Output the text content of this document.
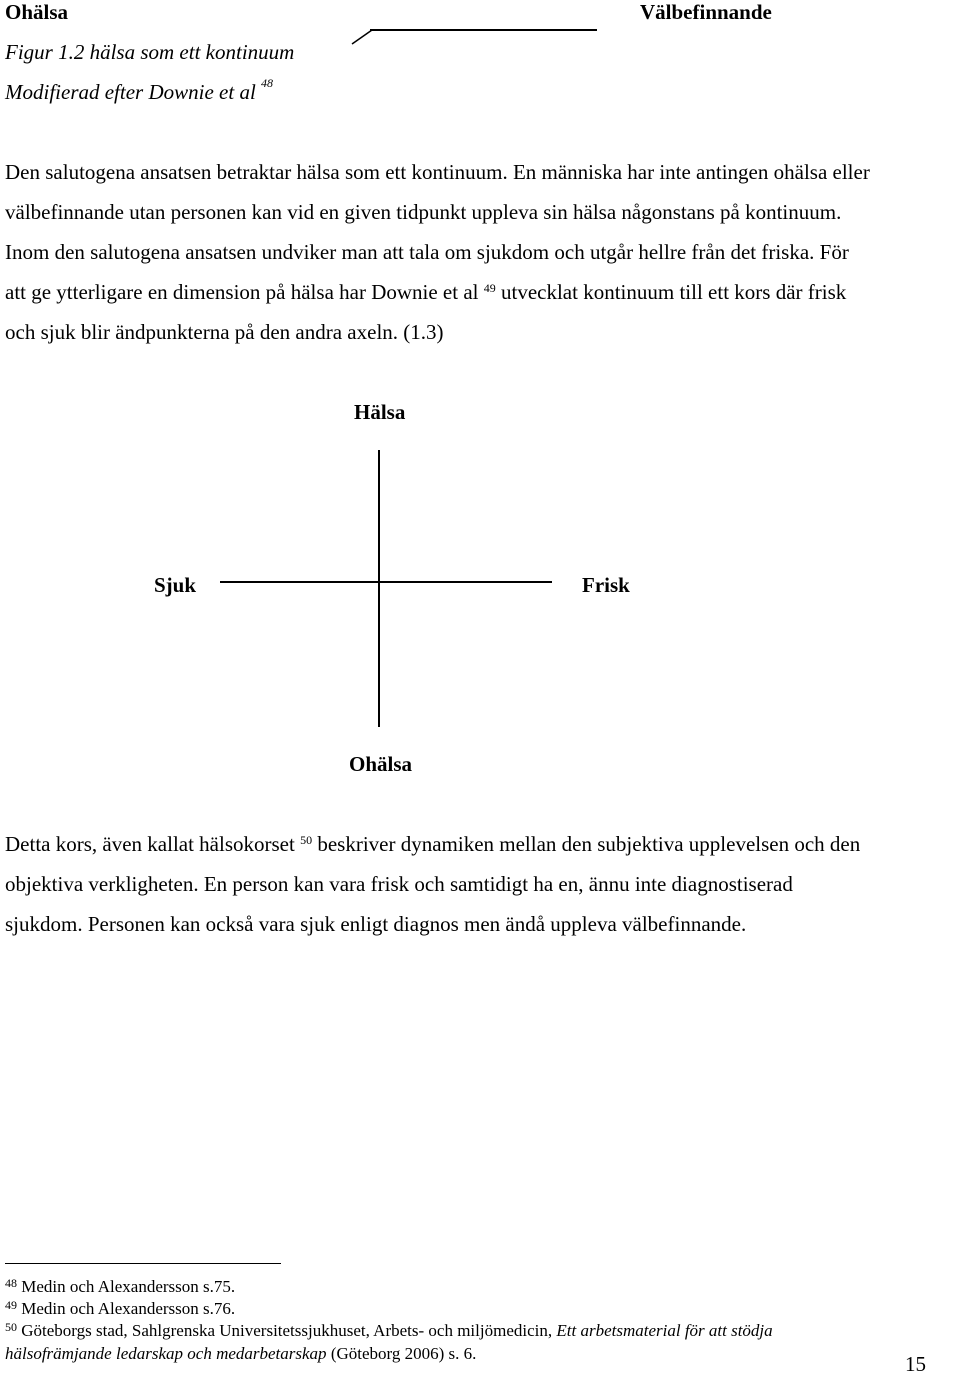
Ohälsa	Välbefinnande
Figur 1.2 hälsa som ett kontinuum
Modifierad efter Downie et al $^{48}$
Den salutogena ansatsen betraktar hälsa som ett kontinuum. En människa har inte antingen ohälsa eller
välbefinnande utan personen kan vid en given tidpunkt uppleva sin hälsa någonstans på kontinuum.
Inom den salutogena ansatsen undviker man att tala om sjukdom och utgår hellre från det friska. För
att ge ytterligare en dimension på hälsa har Downie et al $^{49}$ utvecklat kontinuum till ett kors där frisk
och sjuk blir ändpunkterna på den andra axeln. (1.3)
Hälsa
Sjuk	Frisk
Ohälsa
Detta kors, även kallat hälsokorset $^{50}$ beskriver dynamiken mellan den subjektiva upplevelsen och den
objektiva verkligheten. En person kan vara frisk och samtidigt ha en, ännu inte diagnostiserad
sjukdom. Personen kan också vara sjuk enligt diagnos men ändå uppleva välbefinnande.
$^{48}$ Medin och Alexandersson s.75.
$^{49}$ Medin och Alexandersson s.76.
$^{50}$ Göteborgs stad, Sahlgrenska Universitetssjukhuset, Arbets- och miljömedicin, Ett arbetsmaterial för att stödja
hälsofrämjande ledarskap och medarbetarskap (Göteborg 2006) s. 6.	15
